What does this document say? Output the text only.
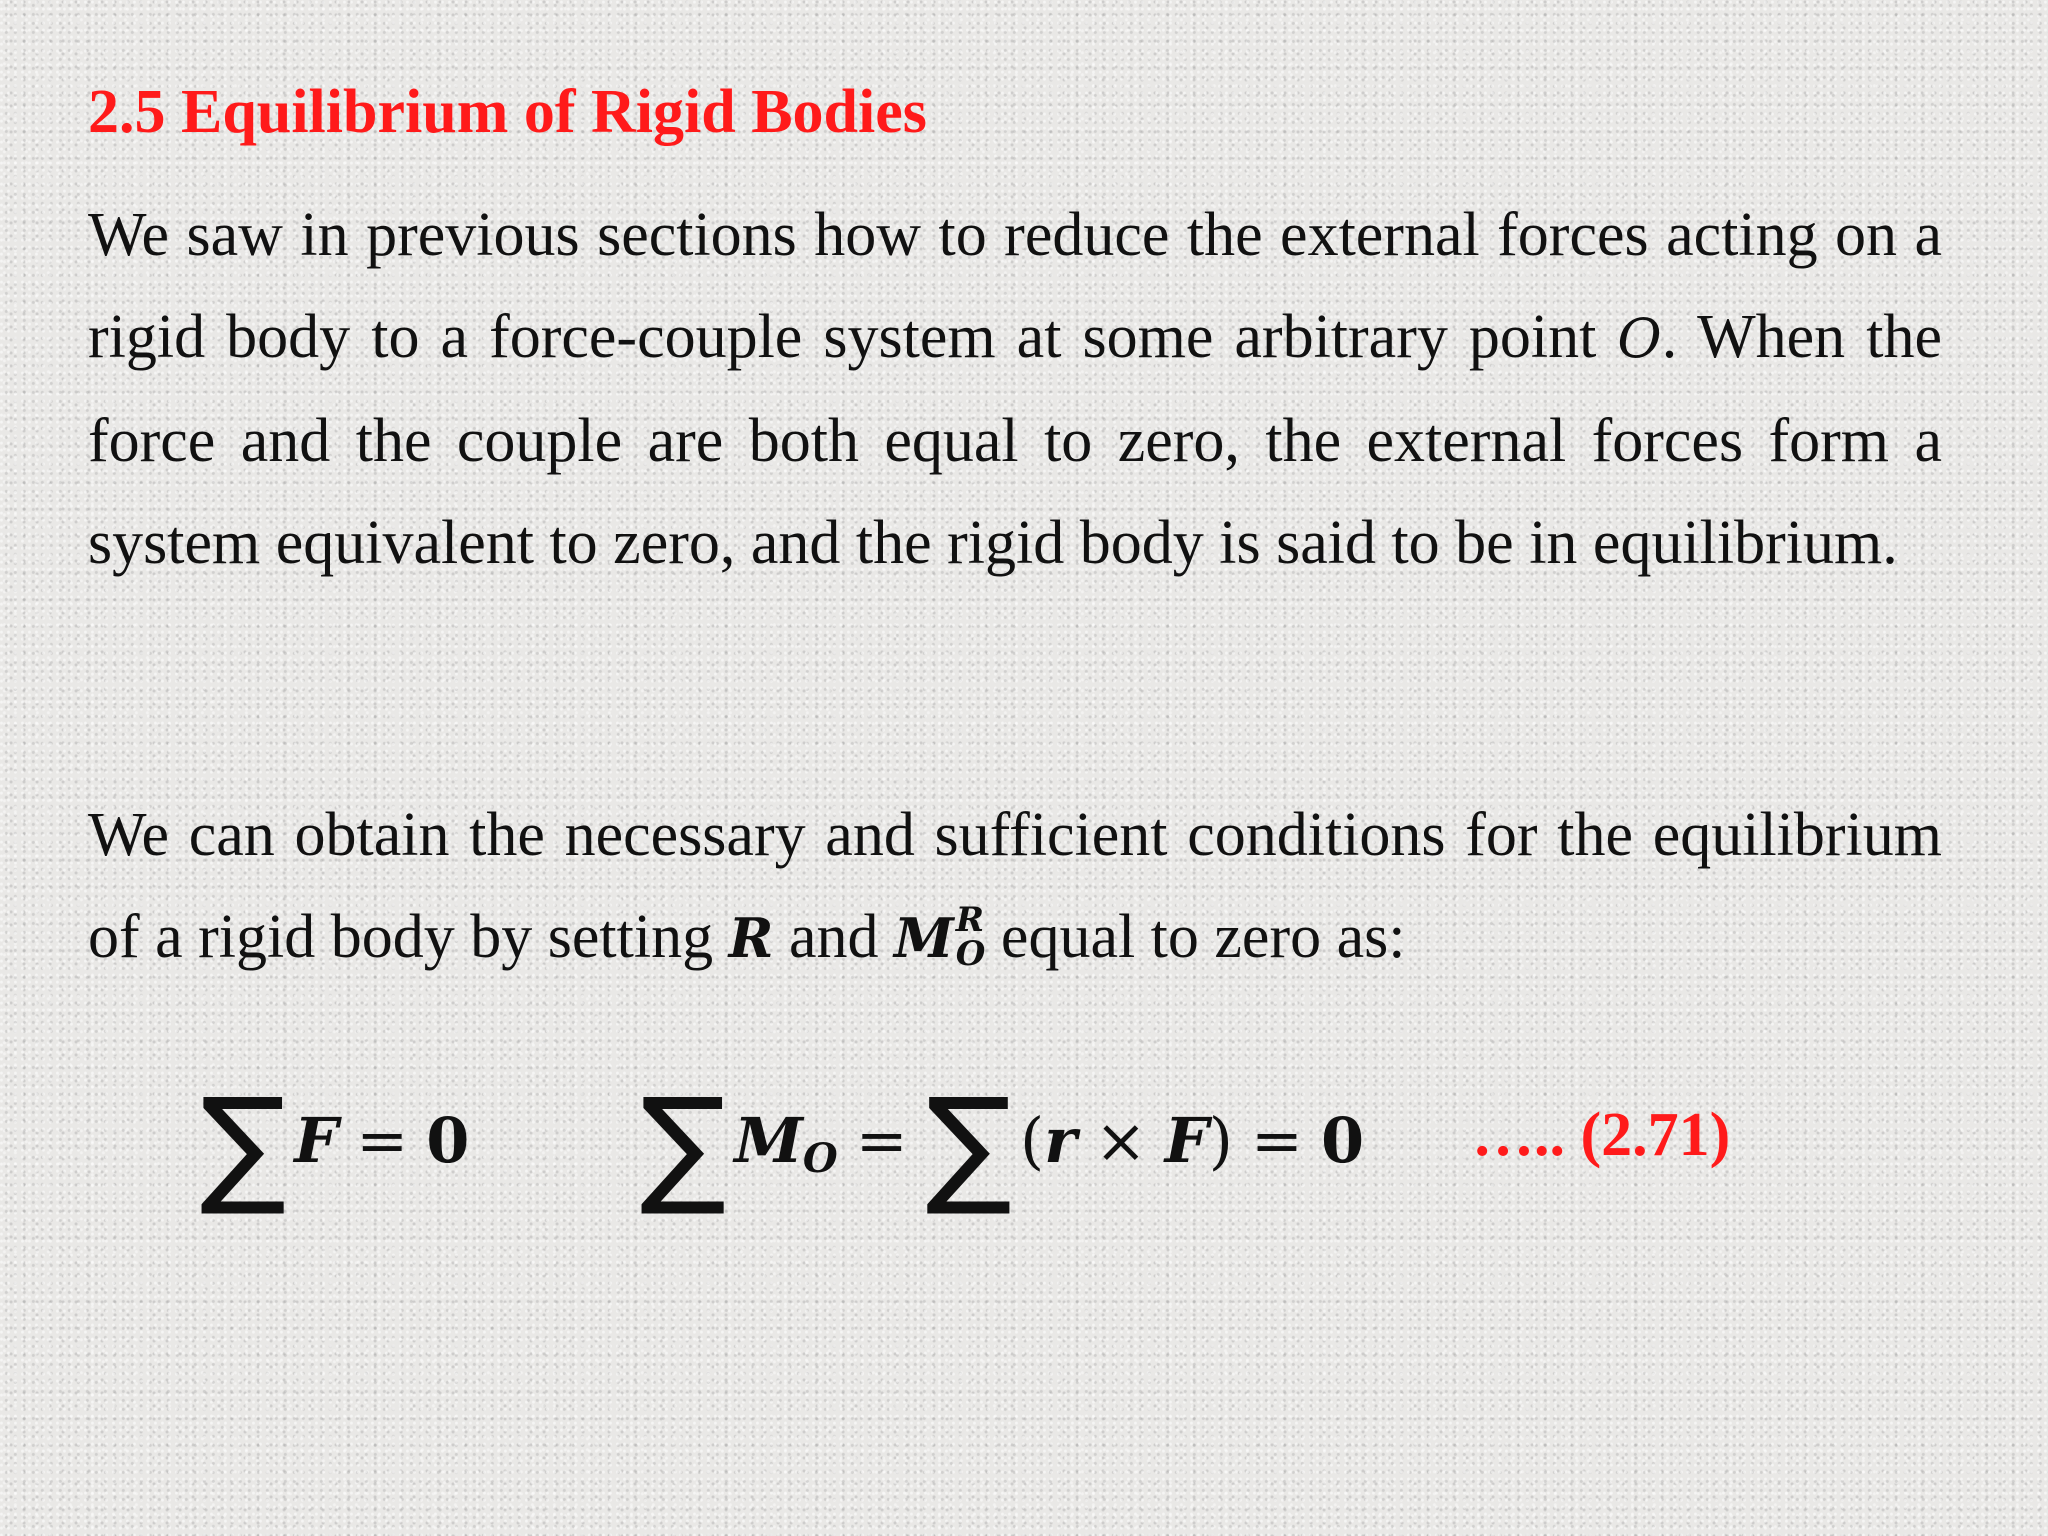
2.5 Equilibrium of Rigid Bodies

We saw in previous sections how to reduce the external forces acting on a rigid body to a force-couple system at some arbitrary point O. When the force and the couple are both equal to zero, the external forces form a system equivalent to zero, and the rigid body is said to be in equilibrium.

We can obtain the necessary and sufficient conditions for the equilibrium of a rigid body by setting R and M R
O equal to zero as:

∑ F = 0 ∑ M O = ∑ ( r × F ) = 0 ….. (2.71)
